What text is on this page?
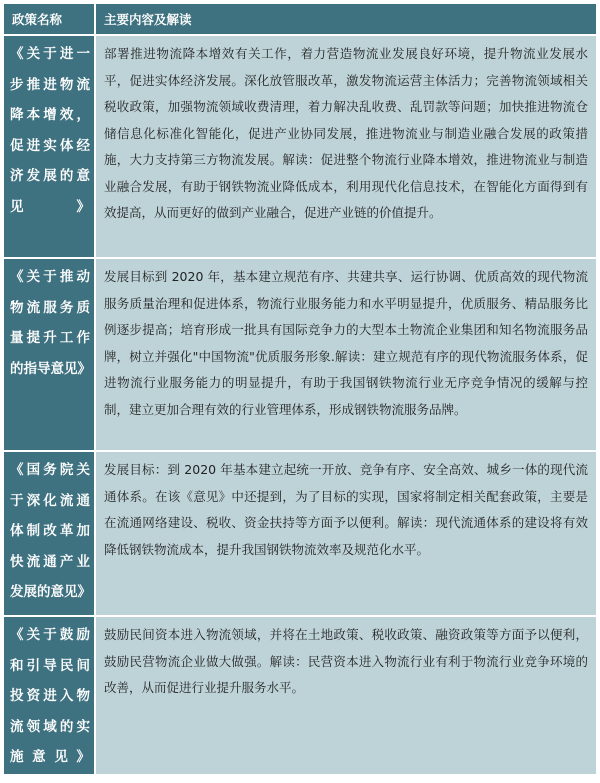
政策名称	主要内容及解读
《关于进一步推进物流降本增效，促进实体经济发展的意见》	部署推进物流降本增效有关工作，着力营造物流业发展良好环境，提升物流业发展水平，促进实体经济发展。深化放管服改革，激发物流运营主体活力；完善物流领域相关税收政策，加强物流领域收费清理，着力解决乱收费、乱罚款等问题；加快推进物流仓储信息化标准化智能化，促进产业协同发展，推进物流业与制造业融合发展的政策措施，大力支持第三方物流发展。解读：促进整个物流行业降本增效，推进物流业与制造业融合发展，有助于钢铁物流业降低成本，利用现代化信息技术，在智能化方面得到有效提高，从而更好的做到产业融合，促进产业链的价值提升。
《关于推动物流服务质量提升工作的指导意见》	发展目标到 2020 年，基本建立规范有序、共建共享、运行协调、优质高效的现代物流服务质量治理和促进体系，物流行业服务能力和水平明显提升，优质服务、精品服务比例逐步提高；培育形成一批具有国际竞争力的大型本土物流企业集团和知名物流服务品牌，树立并强化"中国物流"优质服务形象.解读：建立规范有序的现代物流服务体系，促进物流行业服务能力的明显提升，有助于我国钢铁物流行业无序竞争情况的缓解与控制，建立更加合理有效的行业管理体系，形成钢铁物流服务品牌。
《国务院关于深化流通体制改革加快流通产业发展的意见》	发展目标：到 2020 年基本建立起统一开放、竞争有序、安全高效、城乡一体的现代流通体系。在该《意见》中还提到，为了目标的实现，国家将制定相关配套政策，主要是在流通网络建设、税收、资金扶持等方面予以便利。解读：现代流通体系的建设将有效降低钢铁物流成本，提升我国钢铁物流效率及规范化水平。
《关于鼓励和引导民间投资进入物流领域的实施意见》	鼓励民间资本进入物流领域，并将在土地政策、税收政策、融资政策等方面予以便利，鼓励民营物流企业做大做强。解读：民营资本进入物流行业有利于物流行业竞争环境的改善，从而促进行业提升服务水平。
